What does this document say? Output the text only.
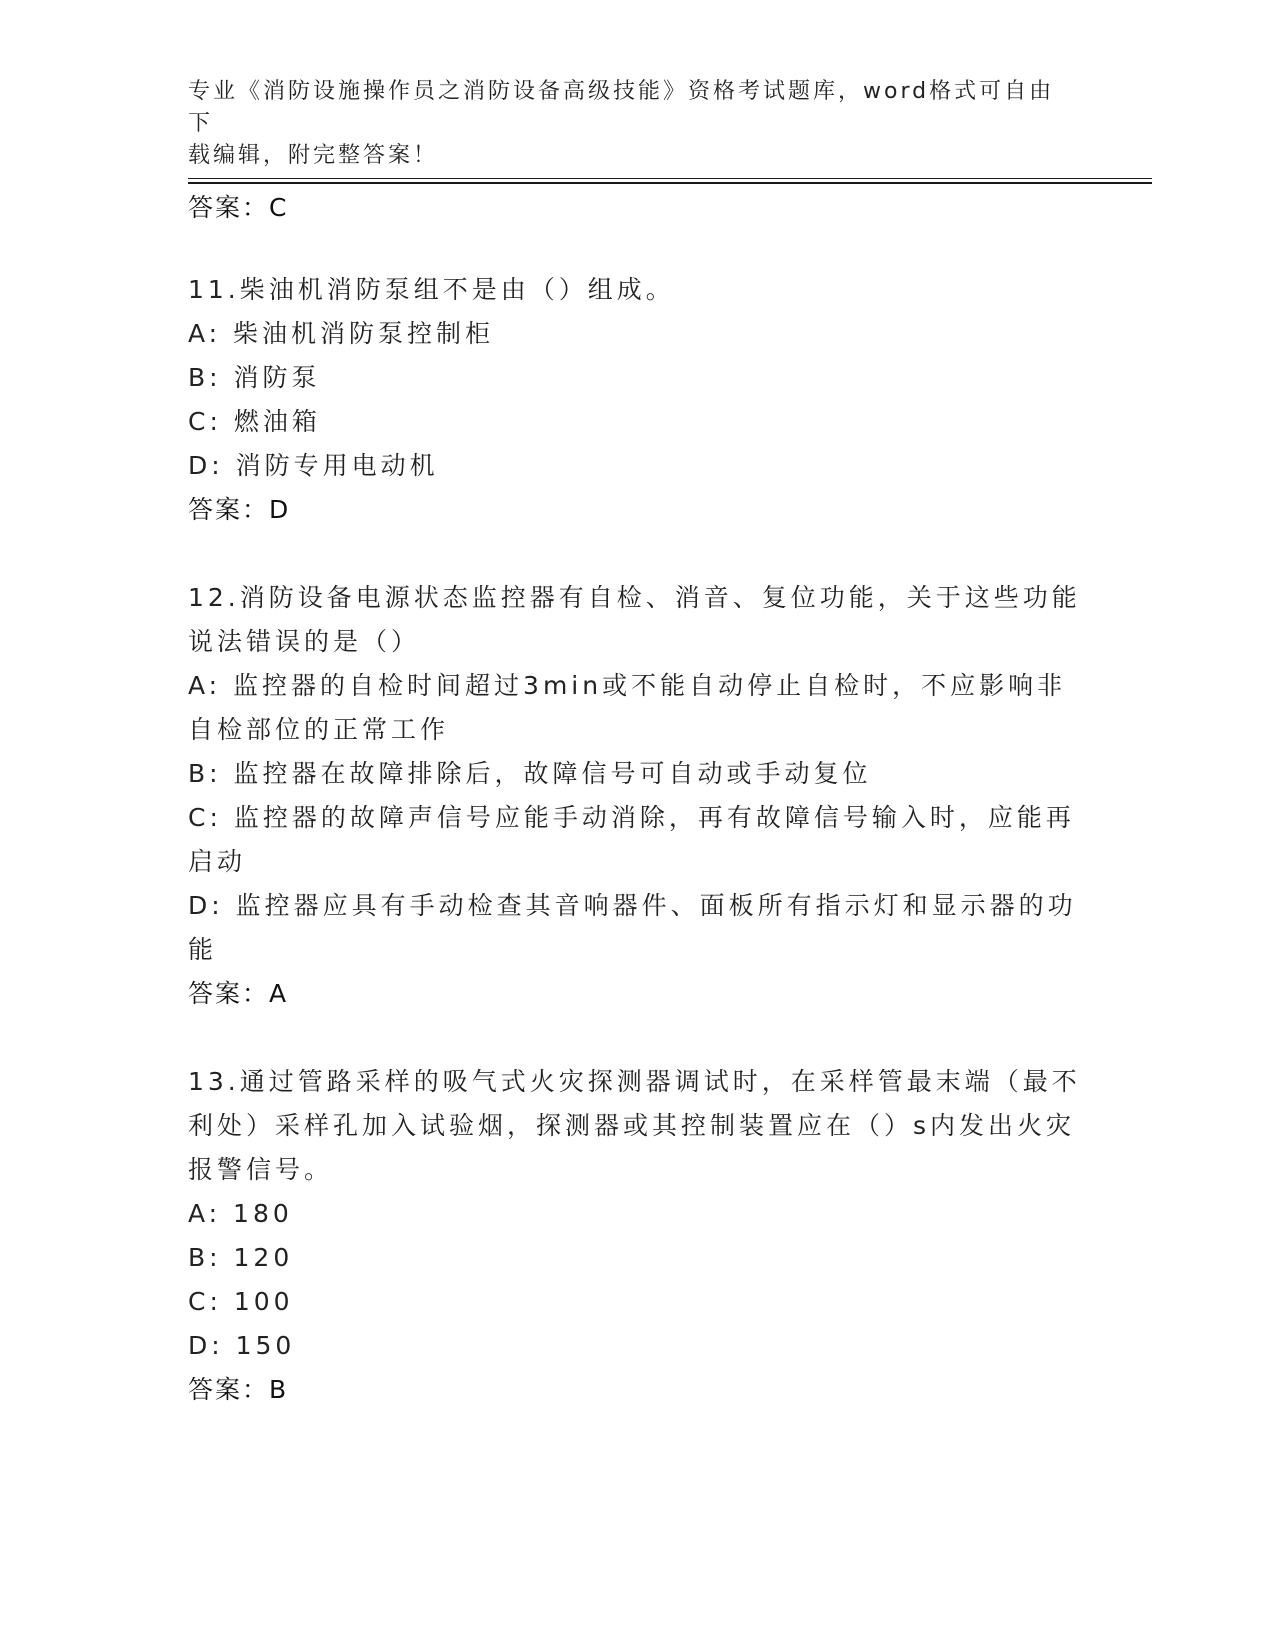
专业《消防设施操作员之消防设备高级技能》资格考试题库，word格式可自由下
载编辑，附完整答案！
答案：C
11.柴油机消防泵组不是由（）组成。
A: 柴油机消防泵控制柜
B: 消防泵
C: 燃油箱
D: 消防专用电动机
答案：D
12.消防设备电源状态监控器有自检、消音、复位功能，关于这些功能
说法错误的是（）
A: 监控器的自检时间超过3min或不能自动停止自检时，不应影响非
自检部位的正常工作
B: 监控器在故障排除后，故障信号可自动或手动复位
C: 监控器的故障声信号应能手动消除，再有故障信号输入时，应能再
启动
D: 监控器应具有手动检查其音响器件、面板所有指示灯和显示器的功
能
答案：A
13.通过管路采样的吸气式火灾探测器调试时，在采样管最末端（最不
利处）采样孔加入试验烟，探测器或其控制装置应在（）s内发出火灾
报警信号。
A: 180
B: 120
C: 100
D: 150
答案：B
